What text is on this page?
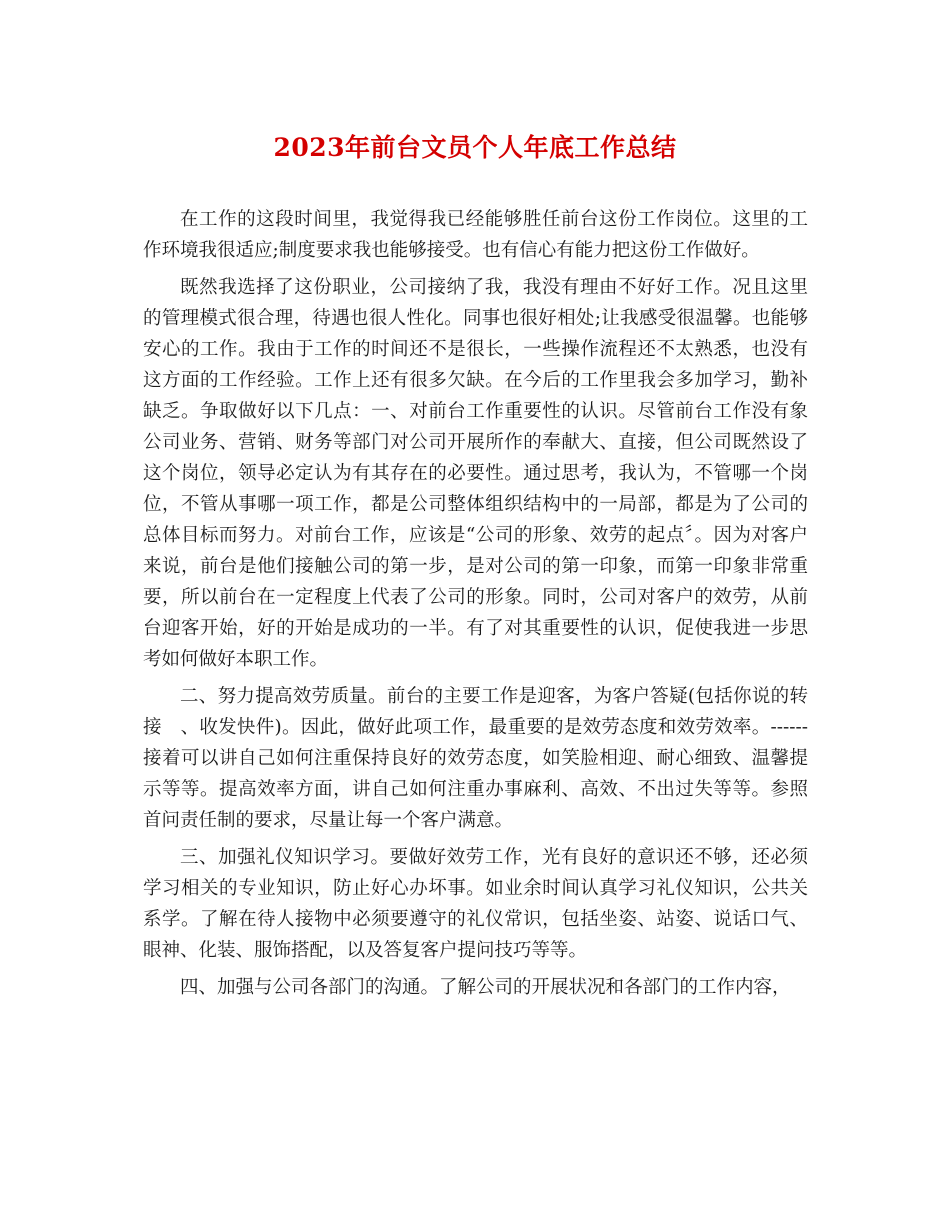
2023年前台文员个人年底工作总结

在工作的这段时间里，我觉得我已经能够胜任前台这份工作岗位。这里的工作环境我很适应;制度要求我也能够接受。也有信心有能力把这份工作做好。

既然我选择了这份职业，公司接纳了我，我没有理由不好好工作。况且这里的管理模式很合理，待遇也很人性化。同事也很好相处;让我感受很温馨。也能够安心的工作。我由于工作的时间还不是很长，一些操作流程还不太熟悉，也没有这方面的工作经验。工作上还有很多欠缺。在今后的工作里我会多加学习，勤补缺乏。争取做好以下几点：一、对前台工作重要性的认识。尽管前台工作没有象公司业务、营销、财务等部门对公司开展所作的奉献大、直接，但公司既然设了这个岗位，领导必定认为有其存在的必要性。通过思考，我认为，不管哪一个岗位，不管从事哪一项工作，都是公司整体组织结构中的一局部，都是为了公司的总体目标而努力。对前台工作，应该是“公司的形象、效劳的起点〞。因为对客户来说，前台是他们接触公司的第一步，是对公司的第一印象，而第一印象非常重要，所以前台在一定程度上代表了公司的形象。同时，公司对客户的效劳，从前台迎客开始，好的开始是成功的一半。有了对其重要性的认识，促使我进一步思考如何做好本职工作。

二、努力提高效劳质量。前台的主要工作是迎客，为客户答疑(包括你说的转接　、收发快件)。因此，做好此项工作，最重要的是效劳态度和效劳效率。------接着可以讲自己如何注重保持良好的效劳态度，如笑脸相迎、耐心细致、温馨提示等等。提高效率方面，讲自己如何注重办事麻利、高效、不出过失等等。参照首问责任制的要求，尽量让每一个客户满意。

三、加强礼仪知识学习。要做好效劳工作，光有良好的意识还不够，还必须学习相关的专业知识，防止好心办坏事。如业余时间认真学习礼仪知识，公共关系学。了解在待人接物中必须要遵守的礼仪常识，包括坐姿、站姿、说话口气、眼神、化装、服饰搭配，以及答复客户提问技巧等等。

四、加强与公司各部门的沟通。了解公司的开展状况和各部门的工作内容，
